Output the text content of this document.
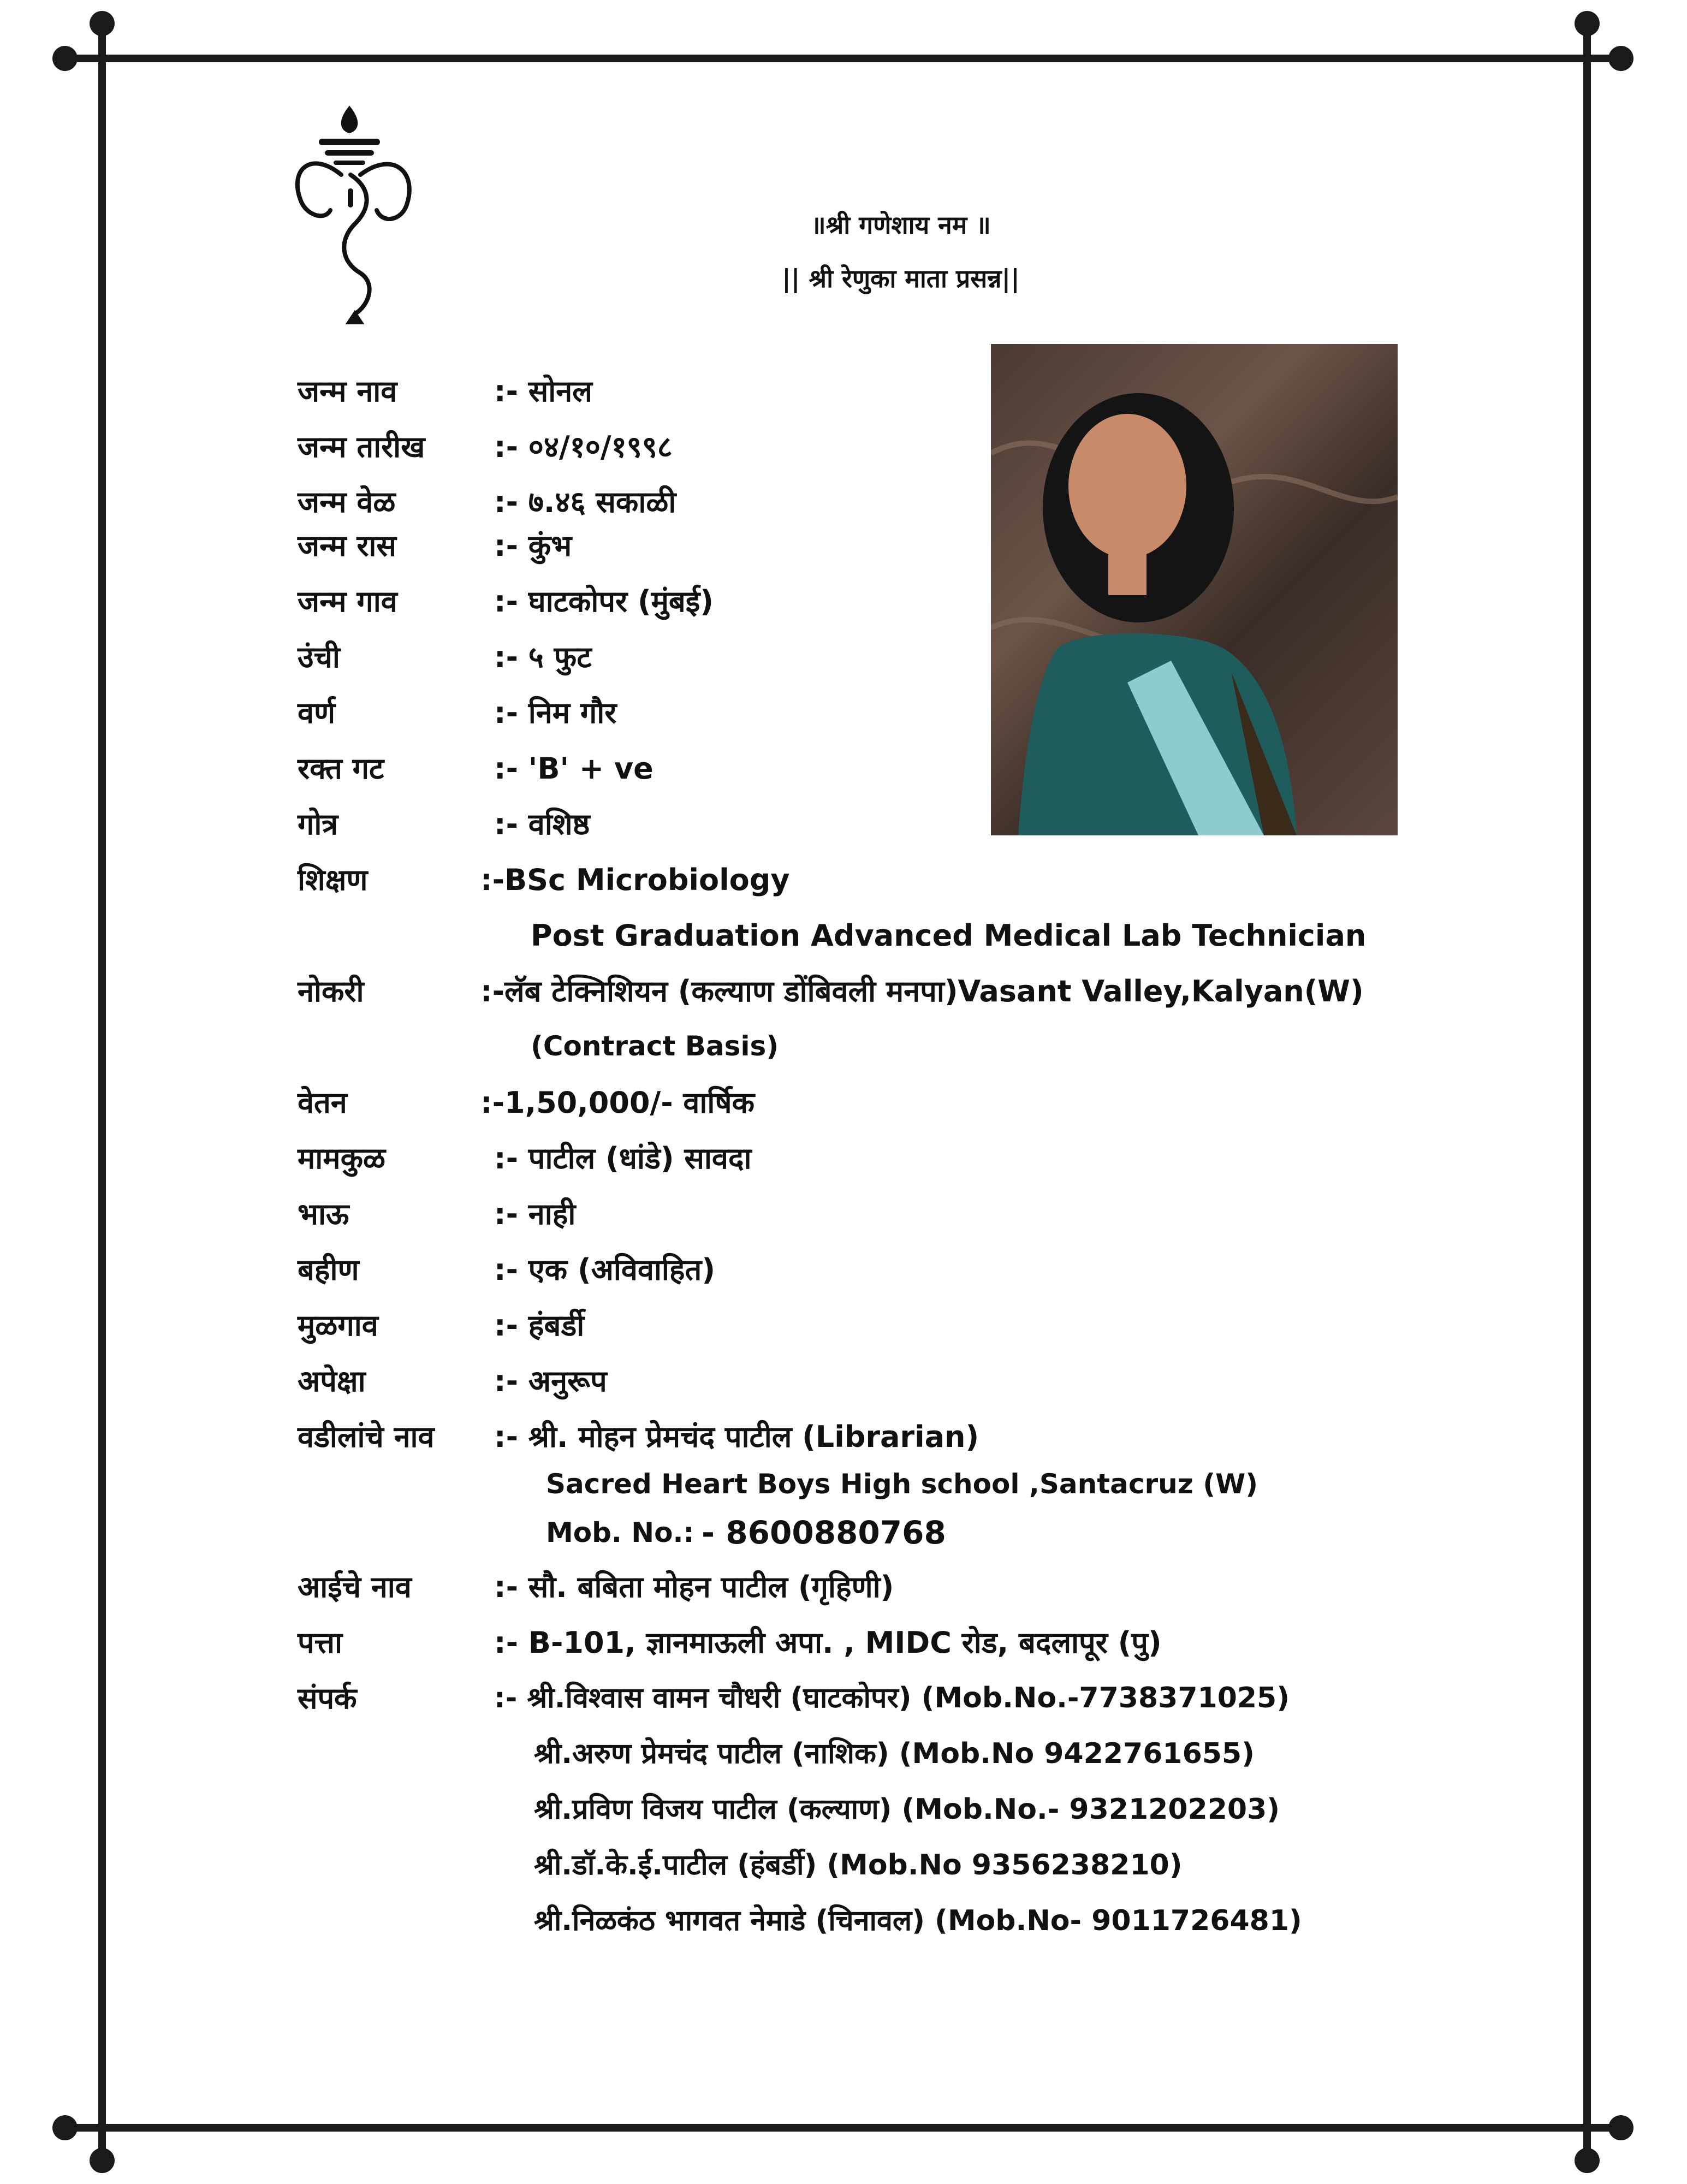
॥श्री गणेशाय नम ॥
|| श्री रेणुका माता प्रसन्न||
जन्म नाव	:- सोनल
जन्म तारीख :- ०४/१०/१९९८
जन्म वेळ	:- ७.४६ सकाळी
जन्म रास	:- कुंभ
जन्म गाव	:- घाटकोपर (मुंबई)
उंची	:- ५ फुट
वर्ण	:- निम गौर
रक्त गट	:- 'B' + ve
गोत्र	:- वशिष्ठ
शिक्षण	:-BSc Microbiology
Post Graduation Advanced Medical Lab Technician
नोकरी	:-लॅब टेक्निशियन (कल्याण डोंबिवली मनपा)Vasant Valley,Kalyan(W)
(Contract Basis)
वेतन	:-1,50,000/- वार्षिक
मामकुळ	:- पाटील (धांडे) सावदा
भाऊ	:- नाही
बहीण	:- एक (अविवाहित)
मुळगाव	:- हंबर्डी
अपेक्षा	:- अनुरूप
वडीलांचे नाव :- श्री. मोहन प्रेमचंद पाटील (Librarian)
Sacred Heart Boys High school ,Santacruz (W)
Mob. No.: - 8600880768
आईचे नाव	:- सौ. बबिता मोहन पाटील (गृहिणी)
पत्ता	:- B-101, ज्ञानमाऊली अपा. , MIDC रोड, बदलापूर (पु)
संपर्क	:- श्री.विश्वास वामन चौधरी (घाटकोपर) (Mob.No.-7738371025)
श्री.अरुण प्रेमचंद पाटील (नाशिक) (Mob.No 9422761655)
श्री.प्रविण विजय पाटील (कल्याण) (Mob.No.- 9321202203)
श्री.डॉ.के.ई.पाटील (हंबर्डी) (Mob.No 9356238210)
श्री.निळकंठ भागवत नेमाडे (चिनावल) (Mob.No- 9011726481)
